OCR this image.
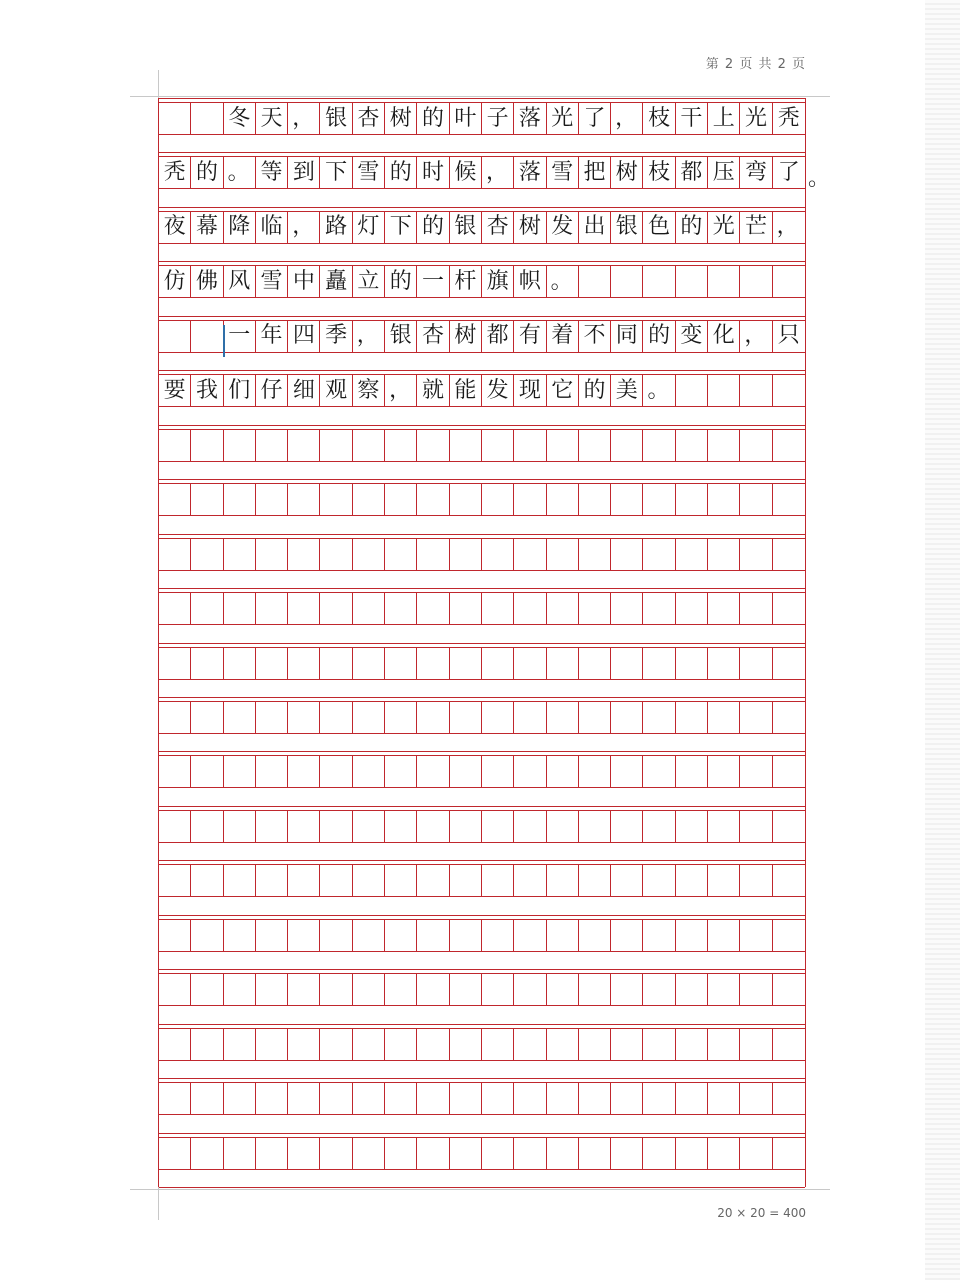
第 2 页 共 2 页
冬 天 ， 银 杏 树 的 叶 子 落 光 了 ， 枝 干 上 光 秃
秃 的 。 等 到 下 雪 的 时 候 ， 落 雪 把 树 枝 都 压 弯 了
夜 幕 降 临 ， 路 灯 下 的 银 杏 树 发 出 银 色 的 光 芒 ，
仿 佛 风 雪 中 矗 立 的 一 杆 旗 帜 。
一 年 四 季 ， 银 杏 树 都 有 着 不 同 的 变 化 ， 只
要 我 们 仔 细 观 察 ， 就 能 发 现 它 的 美 。
。
20 × 20 = 400
